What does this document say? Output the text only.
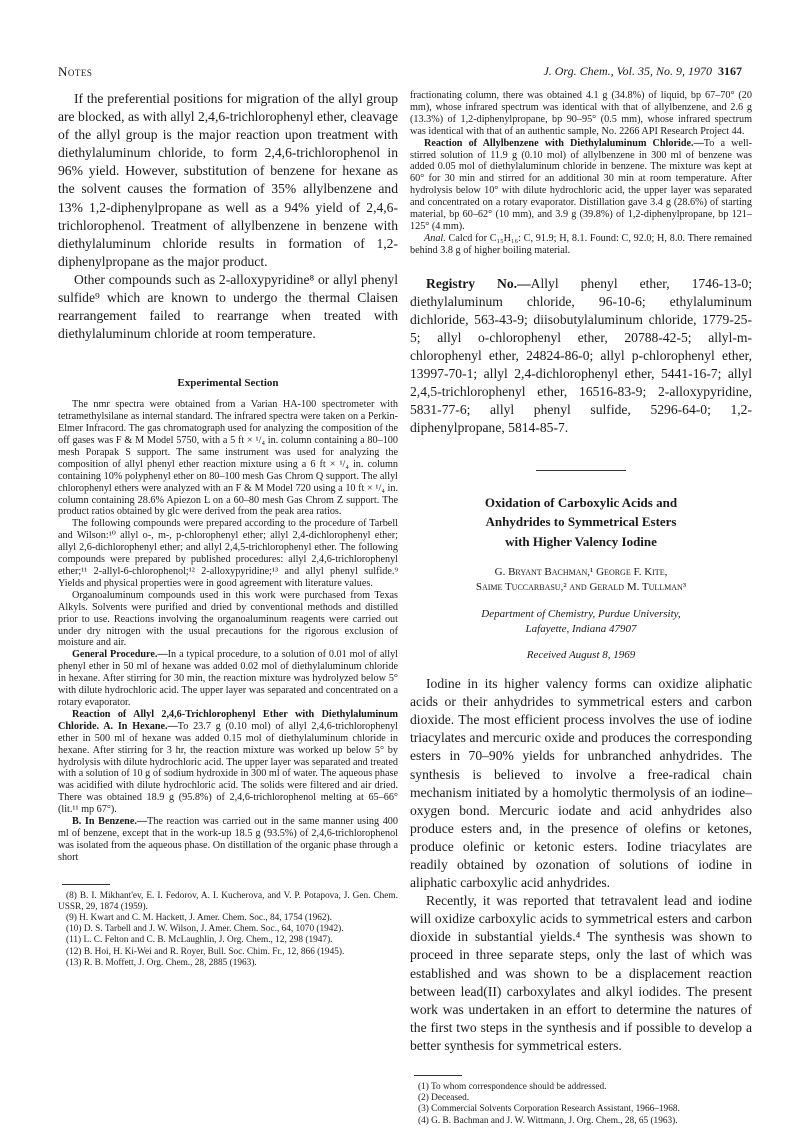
Notes	J. Org. Chem., Vol. 35, No. 9, 1970 3167

If the preferential positions for migration of the allyl group are blocked, as with allyl 2,4,6-trichlorophenyl ether, cleavage of the allyl group is the major reaction upon treatment with diethylaluminum chloride, to form 2,4,6-trichlorophenol in 96% yield. However, substitution of benzene for hexane as the solvent causes the formation of 35% allylbenzene and 13% 1,2-diphenylpropane as well as a 94% yield of 2,4,6-trichlorophenol. Treatment of allylbenzene in benzene with diethylaluminum chloride results in formation of 1,2-diphenylpropane as the major product.

Other compounds such as 2-alloxypyridine⁸ or allyl phenyl sulfide⁹ which are known to undergo the thermal Claisen rearrangement failed to rearrange when treated with diethylaluminum chloride at room temperature.

Experimental Section

The nmr spectra were obtained from a Varian HA-100 spectrometer with tetramethylsilane as internal standard. The infrared spectra were taken on a Perkin-Elmer Infracord. The gas chromatograph used for analyzing the composition of the off gases was F & M Model 5750, with a 5 ft × ¹/₄ in. column containing a 80–100 mesh Porapak S support. The same instrument was used for analyzing the composition of allyl phenyl ether reaction mixture using a 6 ft × ¹/₄ in. column containing 10% polyphenyl ether on 80–100 mesh Gas Chrom Q support. The allyl chlorophenyl ethers were analyzed with an F & M Model 720 using a 10 ft × ¹/₄ in. column containing 28.6% Apiezon L on a 60–80 mesh Gas Chrom Z support. The product ratios obtained by glc were derived from the peak area ratios.

The following compounds were prepared according to the procedure of Tarbell and Wilson:¹⁰ allyl o-, m-, p-chlorophenyl ether; allyl 2,4-dichlorophenyl ether; allyl 2,6-dichlorophenyl ether; and allyl 2,4,5-trichlorophenyl ether. The following compounds were prepared by published procedures: allyl 2,4,6-trichlorophenyl ether;¹¹ 2-allyl-6-chlorophenol;¹² 2-alloxypyridine;¹³ and allyl phenyl sulfide.⁹ Yields and physical properties were in good agreement with literature values.

Organoaluminum compounds used in this work were purchased from Texas Alkyls. Solvents were purified and dried by conventional methods and distilled prior to use. Reactions involving the organoaluminum reagents were carried out under dry nitrogen with the usual precautions for the rigorous exclusion of moisture and air.

General Procedure.—In a typical procedure, to a solution of 0.01 mol of allyl phenyl ether in 50 ml of hexane was added 0.02 mol of diethylaluminum chloride in hexane. After stirring for 30 min, the reaction mixture was hydrolyzed below 5° with dilute hydrochloric acid. The upper layer was separated and concentrated on a rotary evaporator.

Reaction of Allyl 2,4,6-Trichlorophenyl Ether with Diethylaluminum Chloride. A. In Hexane.—To 23.7 g (0.10 mol) of allyl 2,4,6-trichlorophenyl ether in 500 ml of hexane was added 0.15 mol of diethylaluminum chloride in hexane. After stirring for 3 hr, the reaction mixture was worked up below 5° by hydrolysis with dilute hydrochloric acid. The upper layer was separated and treated with a solution of 10 g of sodium hydroxide in 300 ml of water. The aqueous phase was acidified with dilute hydrochloric acid. The solids were filtered and air dried. There was obtained 18.9 g (95.8%) of 2,4,6-trichlorophenol melting at 65–66° (lit.¹¹ mp 67°).

B. In Benzene.—The reaction was carried out in the same manner using 400 ml of benzene, except that in the work-up 18.5 g (93.5%) of 2,4,6-trichlorophenol was isolated from the aqueous phase. On distillation of the organic phase through a short

(8) B. I. Mikhant'ev, E. I. Fedorov, A. I. Kucherova, and V. P. Potapova, J. Gen. Chem. USSR, 29, 1874 (1959).

(9) H. Kwart and C. M. Hackett, J. Amer. Chem. Soc., 84, 1754 (1962).

(10) D. S. Tarbell and J. W. Wilson, J. Amer. Chem. Soc., 64, 1070 (1942).

(11) L. C. Felton and C. B. McLaughlin, J. Org. Chem., 12, 298 (1947).

(12) B. Hoi, H. Ki-Wei and R. Royer, Bull. Soc. Chim. Fr., 12, 866 (1945).

(13) R. B. Moffett, J. Org. Chem., 28, 2885 (1963).

fractionating column, there was obtained 4.1 g (34.8%) of liquid, bp 67–70° (20 mm), whose infrared spectrum was identical with that of allylbenzene, and 2.6 g (13.3%) of 1,2-diphenylpropane, bp 90–95° (0.5 mm), whose infrared spectrum was identical with that of an authentic sample, No. 2266 API Research Project 44.

Reaction of Allylbenzene with Diethylaluminum Chloride.—To a well-stirred solution of 11.9 g (0.10 mol) of allylbenzene in 300 ml of benzene was added 0.05 mol of diethylaluminum chloride in benzene. The mixture was kept at 60° for 30 min and stirred for an additional 30 min at room temperature. After hydrolysis below 10° with dilute hydrochloric acid, the upper layer was separated and concentrated on a rotary evaporator. Distillation gave 3.4 g (28.6%) of starting material, bp 60–62° (10 mm), and 3.9 g (39.8%) of 1,2-diphenylpropane, bp 121–125° (4 mm).

Anal. Calcd for C₁₅H₁₆: C, 91.9; H, 8.1. Found: C, 92.0; H, 8.0. There remained behind 3.8 g of higher boiling material.

Registry No.—Allyl phenyl ether, 1746-13-0; diethylaluminum chloride, 96-10-6; ethylaluminum dichloride, 563-43-9; diisobutylaluminum chloride, 1779-25-5; allyl o-chlorophenyl ether, 20788-42-5; allyl-m-chlorophenyl ether, 24824-86-0; allyl p-chlorophenyl ether, 13997-70-1; allyl 2,4-dichlorophenyl ether, 5441-16-7; allyl 2,4,5-trichlorophenyl ether, 16516-83-9; 2-alloxypyridine, 5831-77-6; allyl phenyl sulfide, 5296-64-0; 1,2-diphenylpropane, 5814-85-7.

Oxidation of Carboxylic Acids and
Anhydrides to Symmetrical Esters
with Higher Valency Iodine
G. Bryant Bachman,¹ George F. Kite,
Saime Tuccarbasu,² and Gerald M. Tullman³
Department of Chemistry, Purdue University,
Lafayette, Indiana 47907
Received August 8, 1969

Iodine in its higher valency forms can oxidize aliphatic acids or their anhydrides to symmetrical esters and carbon dioxide. The most efficient process involves the use of iodine triacylates and mercuric oxide and produces the corresponding esters in 70–90% yields for unbranched anhydrides. The synthesis is believed to involve a free-radical chain mechanism initiated by a homolytic thermolysis of an iodine–oxygen bond. Mercuric iodate and acid anhydrides also produce esters and, in the presence of olefins or ketones, produce olefinic or ketonic esters. Iodine triacylates are readily obtained by ozonation of solutions of iodine in aliphatic carboxylic acid anhydrides.

Recently, it was reported that tetravalent lead and iodine will oxidize carboxylic acids to symmetrical esters and carbon dioxide in substantial yields.⁴ The synthesis was shown to proceed in three separate steps, only the last of which was established and was shown to be a displacement reaction between lead(II) carboxylates and alkyl iodides. The present work was undertaken in an effort to determine the natures of the first two steps in the synthesis and if possible to develop a better synthesis for symmetrical esters.

(1) To whom correspondence should be addressed.

(2) Deceased.

(3) Commercial Solvents Corporation Research Assistant, 1966–1968.

(4) G. B. Bachman and J. W. Wittmann, J. Org. Chem., 28, 65 (1963).
